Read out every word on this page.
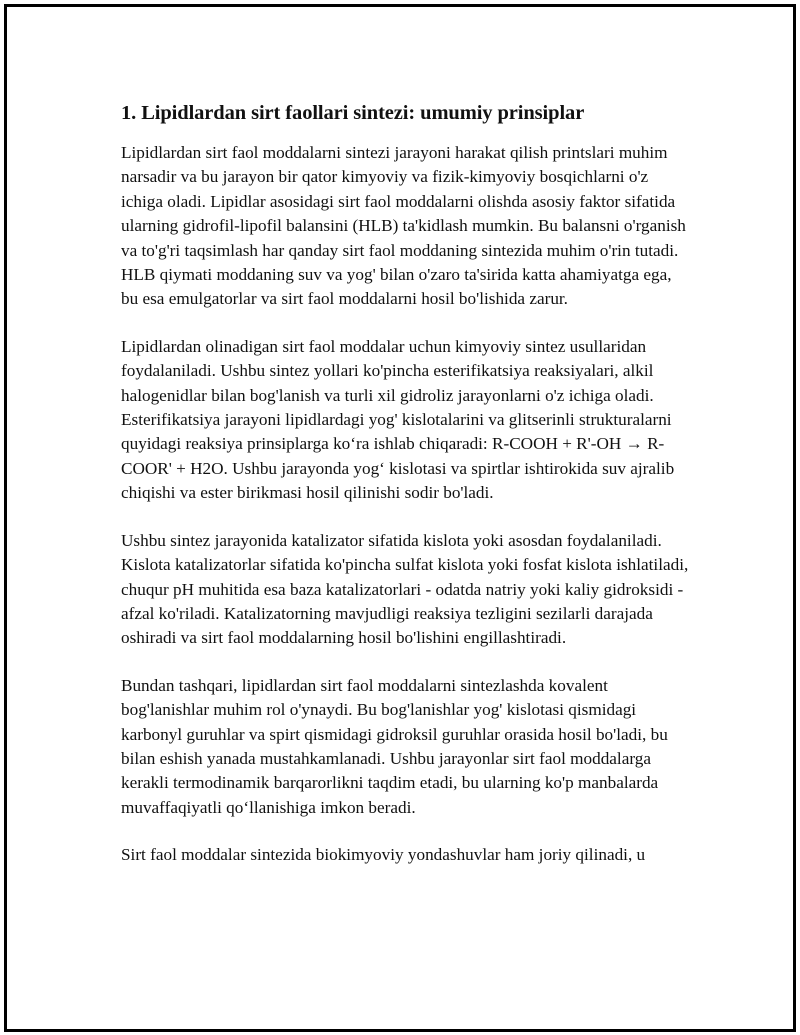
1. Lipidlardan sirt faollari sintezi: umumiy prinsiplar

Lipidlardan sirt faol moddalarni sintezi jarayoni harakat qilish printslari muhim narsadir va bu jarayon bir qator kimyoviy va fizik-kimyoviy bosqichlarni o'z ichiga oladi. Lipidlar asosidagi sirt faol moddalarni olishda asosiy faktor sifatida ularning gidrofil-lipofil balansini (HLB) ta'kidlash mumkin. Bu balansni o'rganish va to'g'ri taqsimlash har qanday sirt faol moddaning sintezida muhim o'rin tutadi. HLB qiymati moddaning suv va yog' bilan o'zaro ta'sirida katta ahamiyatga ega, bu esa emulgatorlar va sirt faol moddalarni hosil bo'lishida zarur.

Lipidlardan olinadigan sirt faol moddalar uchun kimyoviy sintez usullaridan foydalaniladi. Ushbu sintez yollari ko'pincha esterifikatsiya reaksiyalari, alkil halogenidlar bilan bog'lanish va turli xil gidroliz jarayonlarni o'z ichiga oladi. Esterifikatsiya jarayoni lipidlardagi yog' kislotalarini va glitserinli strukturalarni quyidagi reaksiya prinsiplarga ko‘ra ishlab chiqaradi: R-COOH + R'-OH → R-COOR' + H2O. Ushbu jarayonda yog‘ kislotasi va spirtlar ishtirokida suv ajralib chiqishi va ester birikmasi hosil qilinishi sodir bo'ladi.

Ushbu sintez jarayonida katalizator sifatida kislota yoki asosdan foydalaniladi. Kislota katalizatorlar sifatida ko'pincha sulfat kislota yoki fosfat kislota ishlatiladi, chuqur pH muhitida esa baza katalizatorlari - odatda natriy yoki kaliy gidroksidi - afzal ko'riladi. Katalizatorning mavjudligi reaksiya tezligini sezilarli darajada oshiradi va sirt faol moddalarning hosil bo'lishini engillashtiradi.

Bundan tashqari, lipidlardan sirt faol moddalarni sintezlashda kovalent bog'lanishlar muhim rol o'ynaydi. Bu bog'lanishlar yog' kislotasi qismidagi karbonyl guruhlar va spirt qismidagi gidroksil guruhlar orasida hosil bo'ladi, bu bilan eshish yanada mustahkamlanadi. Ushbu jarayonlar sirt faol moddalarga kerakli termodinamik barqarorlikni taqdim etadi, bu ularning ko'p manbalarda muvaffaqiyatli qo‘llanishiga imkon beradi.

Sirt faol moddalar sintezida biokimyoviy yondashuvlar ham joriy qilinadi, u
